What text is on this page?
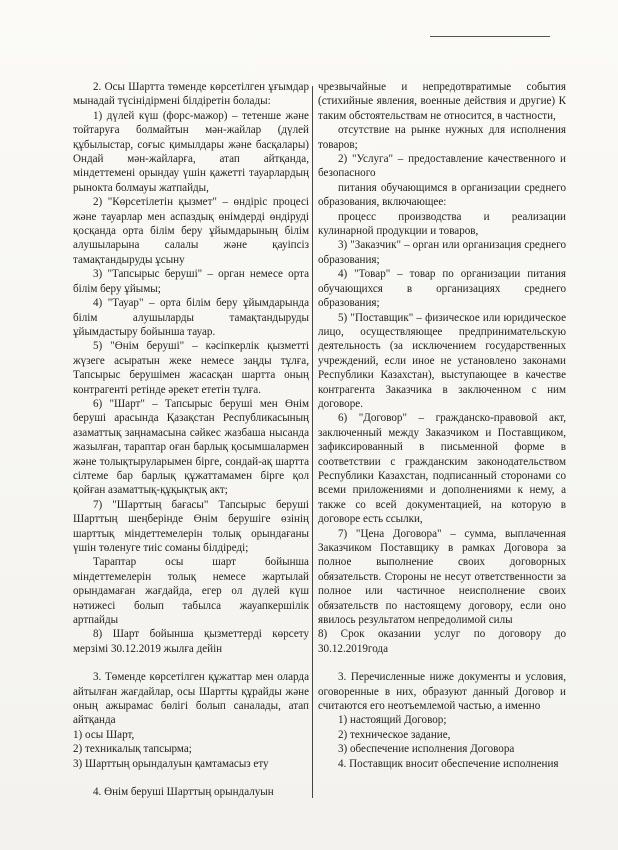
2. Осы Шартта төменде көрсетілген ұғымдар мынадай түсінідірмені білдіретін болады:

1) дүлей күш (форс-мажор) – тетенше және тойтаруға болмайтын мән-жайлар (дүлей құбылыстар, соғыс қимылдары және басқалары) Ондай мән-жайларға, атап айтқанда, міндеттемені орындау үшін қажетті тауарлардың рынокта болмауы жатпайды,

2) "Көрсетілетін қызмет" – өндіріс процесі және тауарлар мен аспаздық өнімдерді өндіруді қосқанда орта білім беру ұйымдарының білім алушыларына салалы және қауіпсіз тамақтандыруды ұсыну

3) "Тапсырыс беруші" – орган немесе орта білім беру ұйымы;

4) "Тауар" – орта білім беру ұйымдарында білім алушыларды тамақтандыруды ұйымдастыру бойынша тауар.

5) "Өнім беруші" – кәсіпкерлік қызметті жүзеге асыратын жеке немесе заңды тұлға, Тапсырыс берушімен жасасқан шартта оның контрагенті ретінде әрекет ететін тұлға.

6) "Шарт" – Тапсырыс беруші мен Өнім беруші арасында Қазақстан Республикасының азаматтық заңнамасына сәйкес жазбаша нысанда жазылған, тараптар оған барлық қосымшалармен және толықтыруларымен бірге, сондай-ақ шартта сілтеме бар барлық құжаттамамен бірге қол қойған азаматтық-құқықтық акт;

7) "Шарттың бағасы" Тапсырыс беруші Шарттың шеңберінде Өнім берушіге өзінің шарттық міндеттемелерін толық орындағаны үшін төленуге тиіс соманы білдіреді;

Тараптар осы шарт бойынша міндеттемелерін толық немесе жартылай орындамаған жағдайда, егер ол дүлей күш нәтижесі болып табылса жауапкершілік артпайды

8) Шарт бойынша қызметтерді көрсету мерзімі 30.12.2019 жылға дейін

3. Төменде көрсетілген құжаттар мен оларда айтылған жағдайлар, осы Шартты құрайды және оның ажырамас бөлігі болып саналады, атап айтқанда

1) осы Шарт,

2) техникалық тапсырма;

3) Шарттың орындалуын қамтамасыз ету

4. Өнім беруші Шарттың орындалуын

чрезвычайные и непредотвратимые события (стихийные явления, военные действия и другие) К таким обстоятельствам не относится, в частности,

отсутствие на рынке нужных для исполнения товаров;

2) "Услуга" – предоставление качественного и безопасного

питания обучающимся в организации среднего образования, включающее:

процесс производства и реализации кулинарной продукции и товаров,

3) "Заказчик" – орган или организация среднего образования;

4) "Товар" – товар по организации питания обучающихся в организациях среднего образования;

5) "Поставщик" – физическое или юридическое лицо, осуществляющее предпринимательскую деятельность (за исключением государственных учреждений, если иное не установлено законами Республики Казахстан), выступающее в качестве контрагента Заказчика в заключенном с ним договоре.

6) "Договор" – гражданско-правовой акт, заключенный между Заказчиком и Поставщиком, зафиксированный в письменной форме в соответствии с гражданским законодательством Республики Казахстан, подписанный сторонами со всеми приложениями и дополнениями к нему, а также со всей документацией, на которую в договоре есть ссылки,

7) "Цена Договора" – сумма, выплаченная Заказчиком Поставщику в рамках Договора за полное выполнение своих договорных обязательств. Стороны не несут ответственности за полное или частичное неисполнение своих обязательств по настоящему договору, если оно явилось результатом непредолимой силы

8) Срок оказании услуг по договору до 30.12.2019года

3. Перечисленные ниже документы и условия, оговоренные в них, образуют данный Договор и считаются его неотъемлемой частью, а именно

1) настоящий Договор;

2) техническое задание,

3) обеспечение исполнения Договора

4. Поставщик вносит обеспечение исполнения
